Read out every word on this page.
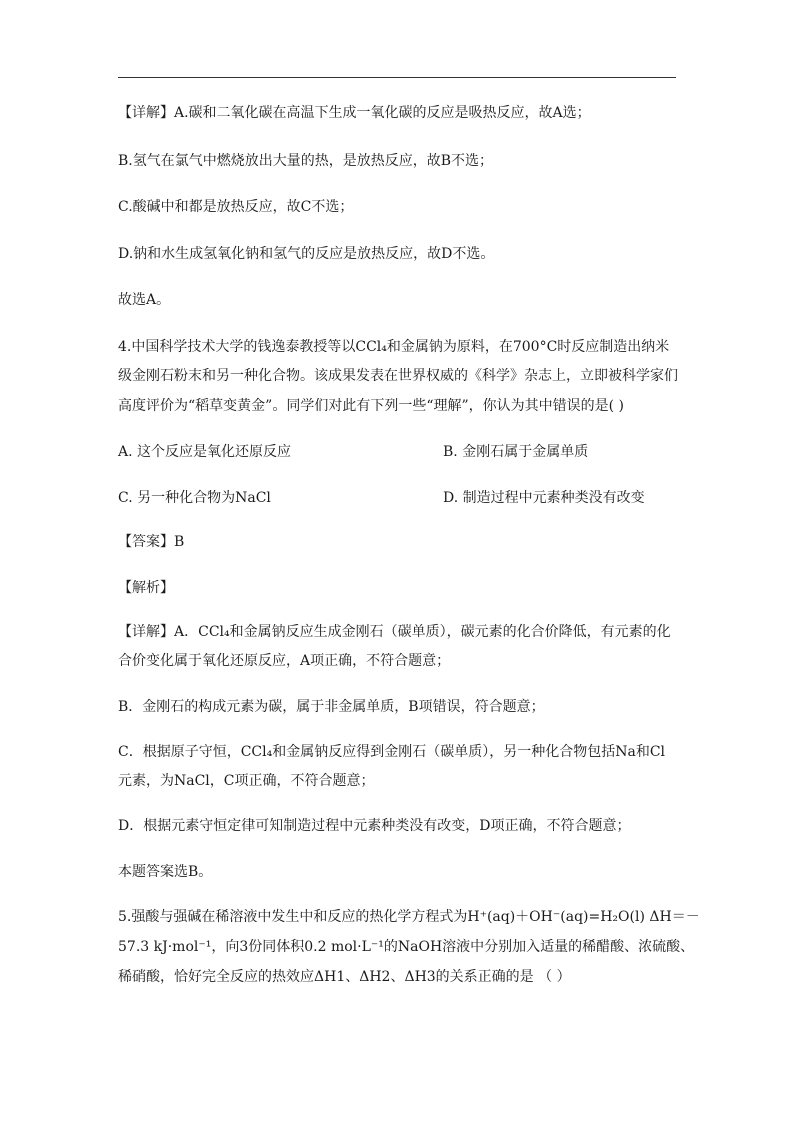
【详解】A.碳和二氧化碳在高温下生成一氧化碳的反应是吸热反应，故A选；
B.氢气在氯气中燃烧放出大量的热，是放热反应，故B不选；
C.酸碱中和都是放热反应，故C不选；
D.钠和水生成氢氧化钠和氢气的反应是放热反应，故D不选。
故选A。
4.中国科学技术大学的钱逸泰教授等以CCl₄和金属钠为原料，在700°C时反应制造出纳米
级金刚石粉末和另一种化合物。该成果发表在世界权威的《科学》杂志上，立即被科学家们
高度评价为“稻草变黄金”。同学们对此有下列一些“理解”，你认为其中错误的是( )
A. 这个反应是氧化还原反应	B. 金刚石属于金属单质
C. 另一种化合物为NaCl	D. 制造过程中元素种类没有改变
【答案】B
【解析】
【详解】A．CCl₄和金属钠反应生成金刚石（碳单质），碳元素的化合价降低，有元素的化
合价变化属于氧化还原反应，A项正确，不符合题意；
B．金刚石的构成元素为碳，属于非金属单质，B项错误，符合题意；
C．根据原子守恒，CCl₄和金属钠反应得到金刚石（碳单质），另一种化合物包括Na和Cl
元素，为NaCl，C项正确，不符合题意；
D．根据元素守恒定律可知制造过程中元素种类没有改变，D项正确，不符合题意；
本题答案选B。
5.强酸与强碱在稀溶液中发生中和反应的热化学方程式为H⁺(aq)＋OH⁻(aq)=H₂O(l) ΔH＝－
57.3 kJ·mol⁻¹，向3份同体积0.2 mol·L⁻¹的NaOH溶液中分别加入适量的稀醋酸、浓硫酸、
稀硝酸，恰好完全反应的热效应ΔH1、ΔH2、ΔH3的关系正确的是 （ ）
